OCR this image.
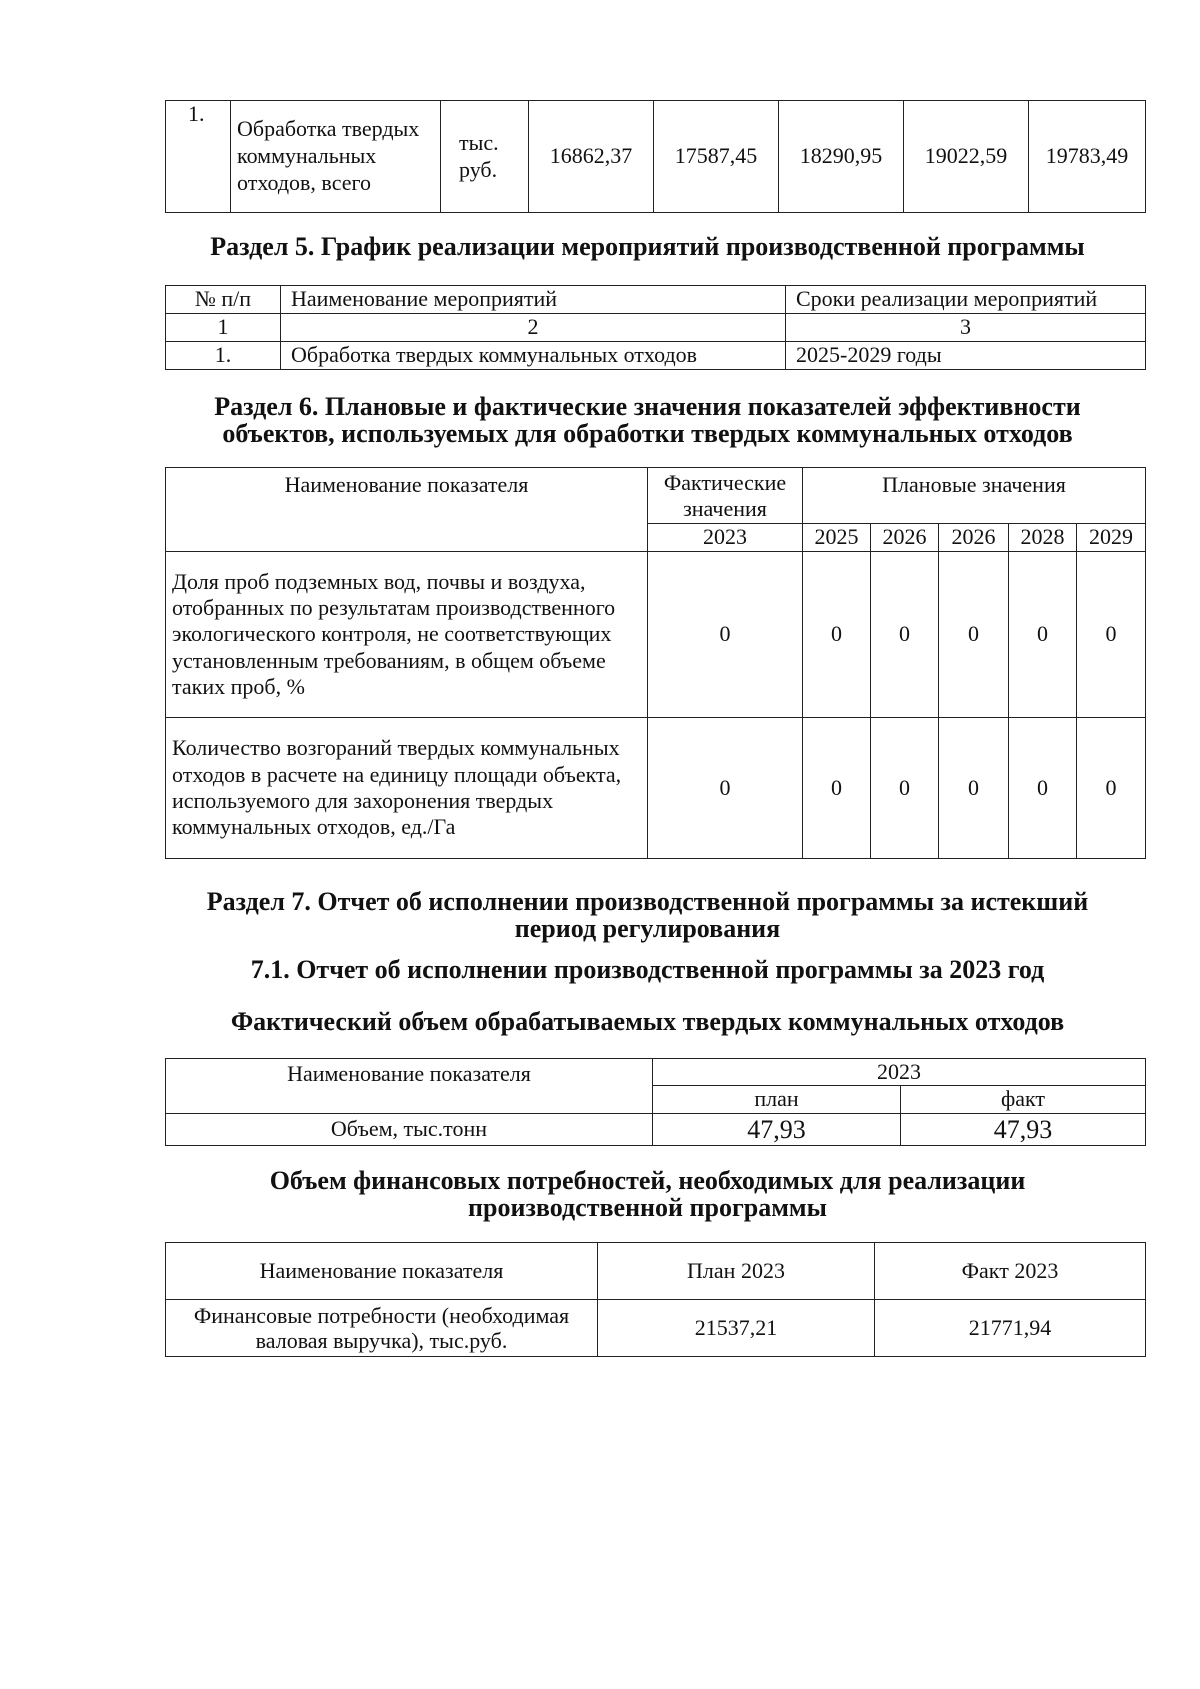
1.	Обработка твердых коммунальных отходов, всего	тыс. руб.	16862,37	17587,45	18290,95	19022,59	19783,49
Раздел 5. График реализации мероприятий производственной программы
№ п/п	Наименование мероприятий	Сроки реализации мероприятий
1	2	3
1.	Обработка твердых коммунальных отходов	2025-2029 годы
Раздел 6. Плановые и фактические значения показателей эффективности объектов, используемых для обработки твердых коммунальных отходов
Наименование показателя	Фактические значения	Плановые значения				
	2023	2025	2026	2026	2028	2029
Доля проб подземных вод, почвы и воздуха, отобранных по результатам производственного экологического контроля, не соответствующих установленным требованиям, в общем объеме таких проб, %	0	0	0	0	0	0
Количество возгораний твердых коммунальных отходов в расчете на единицу площади объекта, используемого для захоронения твердых коммунальных отходов, ед./Га	0	0	0	0	0	0
Раздел 7. Отчет об исполнении производственной программы за истекший период регулирования
7.1. Отчет об исполнении производственной программы за 2023 год
Фактический объем обрабатываемых твердых коммунальных отходов
Наименование показателя	2023	
	план	факт
Объем, тыс.тонн	47,93	47,93
Объем финансовых потребностей, необходимых для реализации производственной программы
Наименование показателя	План 2023	Факт 2023
Финансовые потребности (необходимая валовая выручка), тыс.руб.	21537,21	21771,94
